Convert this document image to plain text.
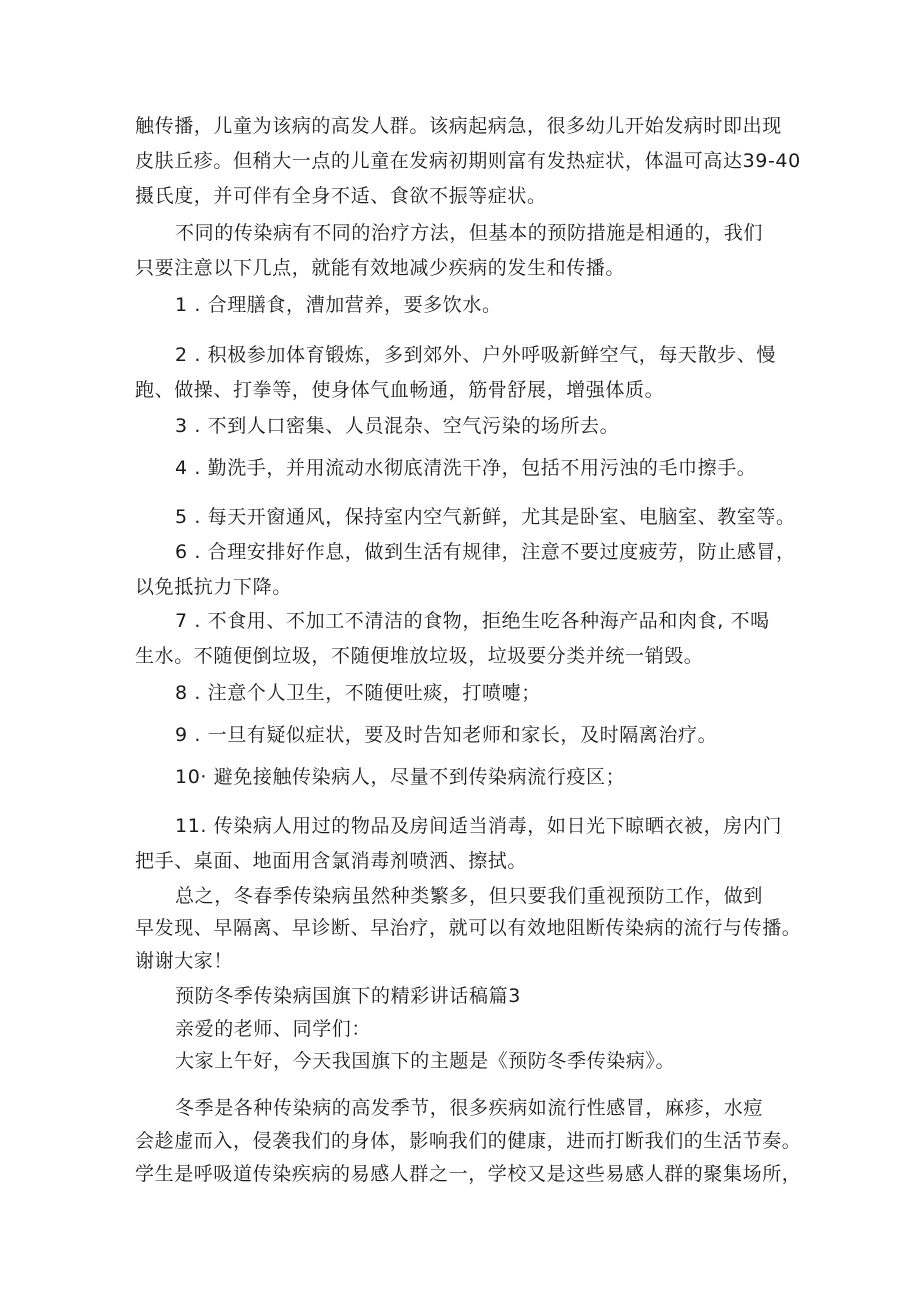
触传播，儿童为该病的高发人群。该病起病急，很多幼儿开始发病时即出现
皮肤丘疹。但稍大一点的儿童在发病初期则富有发热症状，体温可高达39-40
摄氏度，并可伴有全身不适、食欲不振等症状。
不同的传染病有不同的治疗方法，但基本的预防措施是相通的，我们
只要注意以下几点，就能有效地减少疾病的发生和传播。
1 . 合理膳食，漕加营养，要多饮水。
2 . 积极参加体育锻炼，多到郊外、户外呼吸新鲜空气，每天散步、慢
跑、做操、打拳等，使身体气血畅通，筋骨舒展，增强体质。
3 . 不到人口密集、人员混杂、空气污染的场所去。
4 . 勤洗手，并用流动水彻底清洗干净，包括不用污浊的毛巾擦手。
5 . 每天开窗通风，保持室内空气新鲜，尤其是卧室、电脑室、教室等。
6 . 合理安排好作息，做到生活有规律，注意不要过度疲劳，防止感冒，
以免抵抗力下降。
7 . 不食用、不加工不清洁的食物，拒绝生吃各种海产品和肉食, 不喝
生水。不随便倒垃圾，不随便堆放垃圾，垃圾要分类并统一销毁。
8 . 注意个人卫生，不随便吐痰，打喷嚏；
9 . 一旦有疑似症状，要及时告知老师和家长，及时隔离治疗。
10· 避免接触传染病人，尽量不到传染病流行疫区；
11. 传染病人用过的物品及房间适当消毒，如日光下晾晒衣被，房内门
把手、桌面、地面用含氯消毒剂喷洒、擦拭。
总之，冬春季传染病虽然种类繁多，但只要我们重视预防工作，做到
早发现、早隔离、早诊断、早治疗，就可以有效地阻断传染病的流行与传播。
谢谢大家！
预防冬季传染病国旗下的精彩讲话稿篇3
亲爱的老师、同学们：
大家上午好，今天我国旗下的主题是《预防冬季传染病》。
冬季是各种传染病的高发季节，很多疾病如流行性感冒，麻疹，水痘
会趁虚而入，侵袭我们的身体，影响我们的健康，进而打断我们的生活节奏。
学生是呼吸道传染疾病的易感人群之一，学校又是这些易感人群的聚集场所，
